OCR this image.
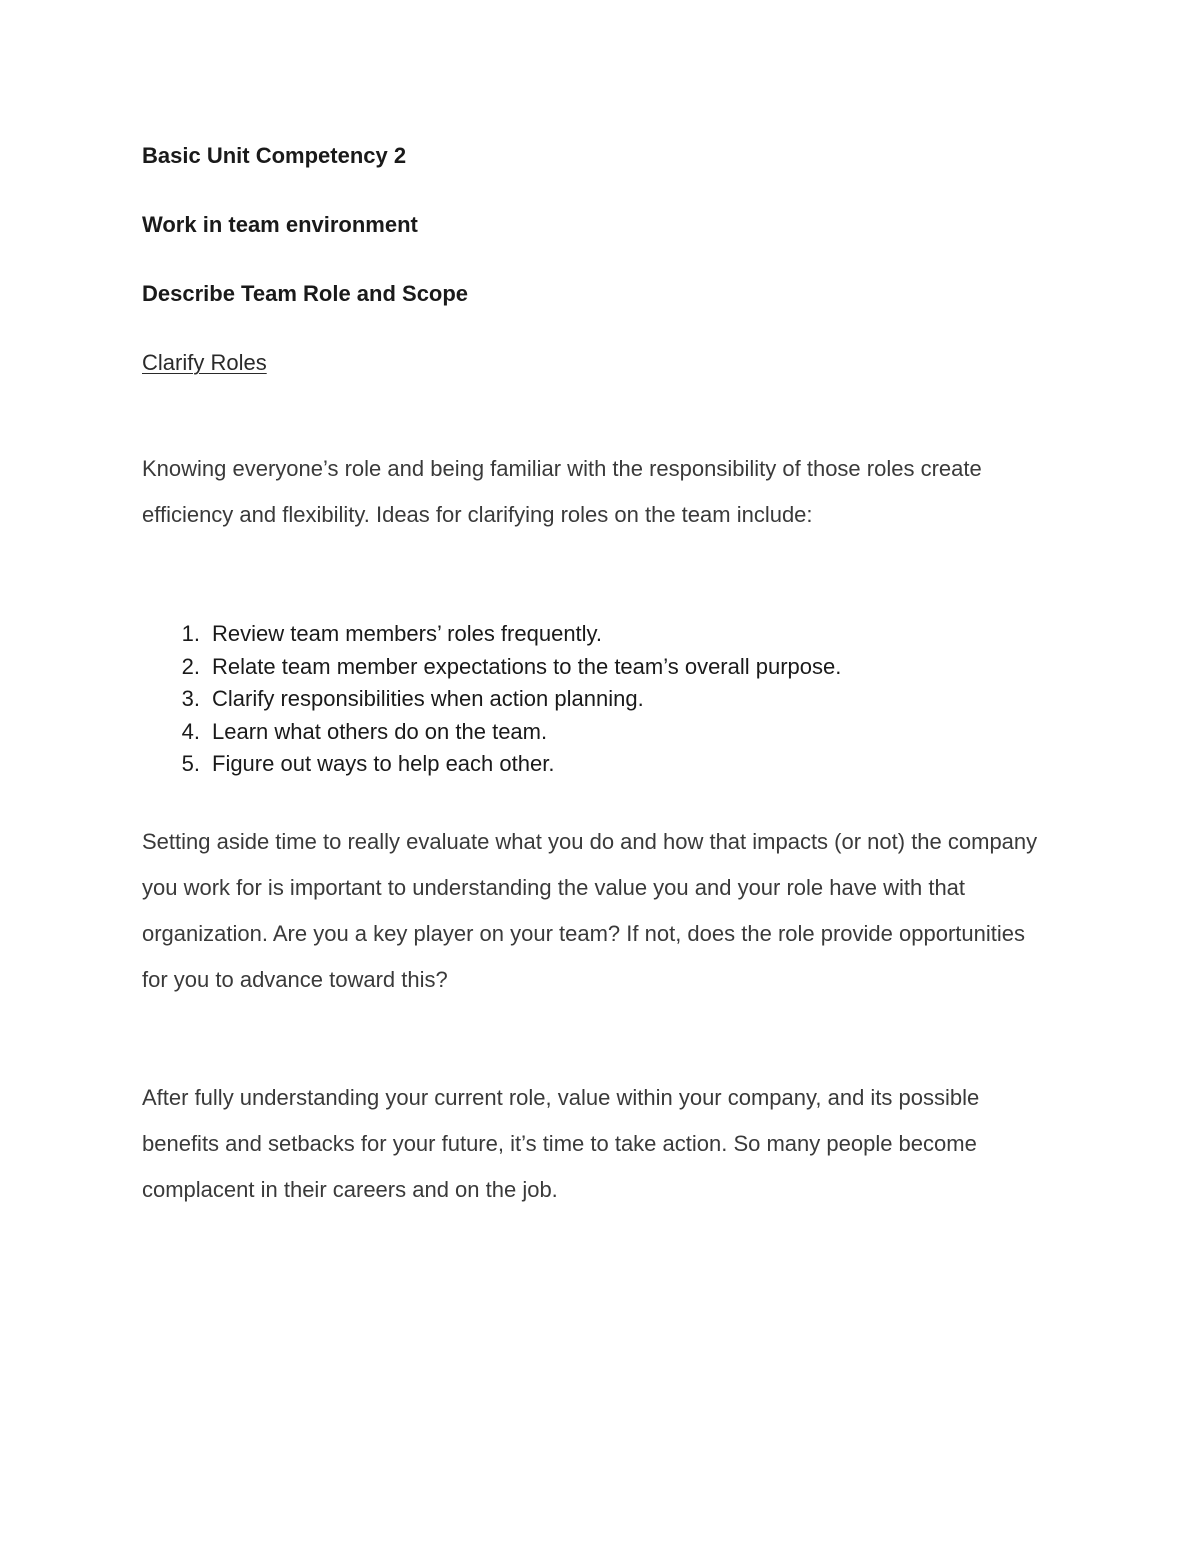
Basic Unit Competency 2

Work in team environment

Describe Team Role and Scope

Clarify Roles

Knowing everyone’s role and being familiar with the responsibility of those roles create efficiency and flexibility. Ideas for clarifying roles on the team include:

1. Review team members’ roles frequently.
2. Relate team member expectations to the team’s overall purpose.
3. Clarify responsibilities when action planning.
4. Learn what others do on the team.
5. Figure out ways to help each other.

Setting aside time to really evaluate what you do and how that impacts (or not) the company you work for is important to understanding the value you and your role have with that organization. Are you a key player on your team? If not, does the role provide opportunities for you to advance toward this?

After fully understanding your current role, value within your company, and its possible benefits and setbacks for your future, it’s time to take action. So many people become complacent in their careers and on the job.
